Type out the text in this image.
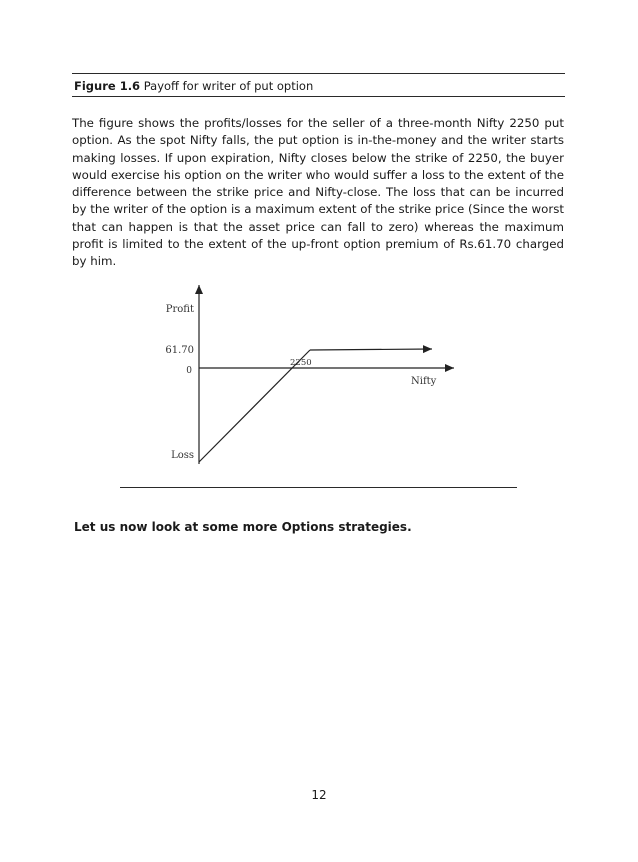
Figure 1.6 Payoff for writer of put option

The figure shows the profits/losses for the seller of a three-month Nifty 2250 put option. As the spot Nifty falls, the put option is in-the-money and the writer starts making losses. If upon expiration, Nifty closes below the strike of 2250, the buyer would exercise his option on the writer who would suffer a loss to the extent of the difference between the strike price and Nifty-close. The loss that can be incurred by the writer of the option is a maximum extent of the strike price (Since the worst that can happen is that the asset price can fall to zero) whereas the maximum profit is limited to the extent of the up-front option premium of Rs.61.70 charged by him.

Profit
61.70
0
2250
Nifty
Loss
Let us now look at some more Options strategies.
12
